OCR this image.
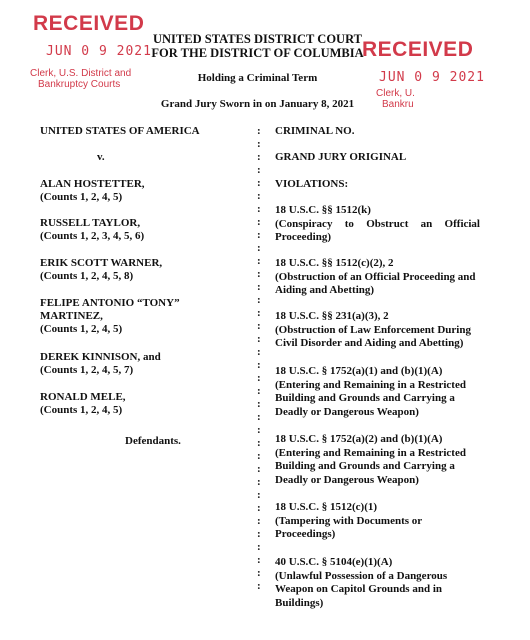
RECEIVED
JUN 0 9 2021
Clerk, U.S. District and
Bankruptcy Courts
RECEIVED
JUN 0 9 2021
Clerk, U.
Bankru
UNITED STATES DISTRICT COURT
FOR THE DISTRICT OF COLUMBIA
Holding a Criminal Term
Grand Jury Sworn in on January 8, 2021
UNITED STATES OF AMERICA
v.
ALAN HOSTETTER,
(Counts 1, 2, 4, 5)
RUSSELL TAYLOR,
(Counts 1, 2, 3, 4, 5, 6)
ERIK SCOTT WARNER,
(Counts 1, 2, 4, 5, 8)
FELIPE ANTONIO “TONY”
MARTINEZ,
(Counts 1, 2, 4, 5)
DEREK KINNISON, and
(Counts 1, 2, 4, 5, 7)
RONALD MELE,
(Counts 1, 2, 4, 5)
Defendants.
:
:
:
:
:
:
:
:
:
:
:
:
:
:
:
:
:
:
:
:
:
:
:
:
:
:
:
:
:
:
:
:
:
:
:
:
CRIMINAL NO.
GRAND JURY ORIGINAL
VIOLATIONS:
18 U.S.C. §§ 1512(k)
(Conspiracy to Obstruct an Official
Proceeding)
18 U.S.C. §§ 1512(c)(2), 2
(Obstruction of an Official Proceeding and
Aiding and Abetting)
18 U.S.C. §§ 231(a)(3), 2
(Obstruction of Law Enforcement During
Civil Disorder and Aiding and Abetting)
18 U.S.C. § 1752(a)(1) and (b)(1)(A)
(Entering and Remaining in a Restricted
Building and Grounds and Carrying a
Deadly or Dangerous Weapon)
18 U.S.C. § 1752(a)(2) and (b)(1)(A)
(Entering and Remaining in a Restricted
Building and Grounds and Carrying a
Deadly or Dangerous Weapon)
18 U.S.C. § 1512(c)(1)
(Tampering with Documents or
Proceedings)
40 U.S.C. § 5104(e)(1)(A)
(Unlawful Possession of a Dangerous
Weapon on Capitol Grounds and in
Buildings)
